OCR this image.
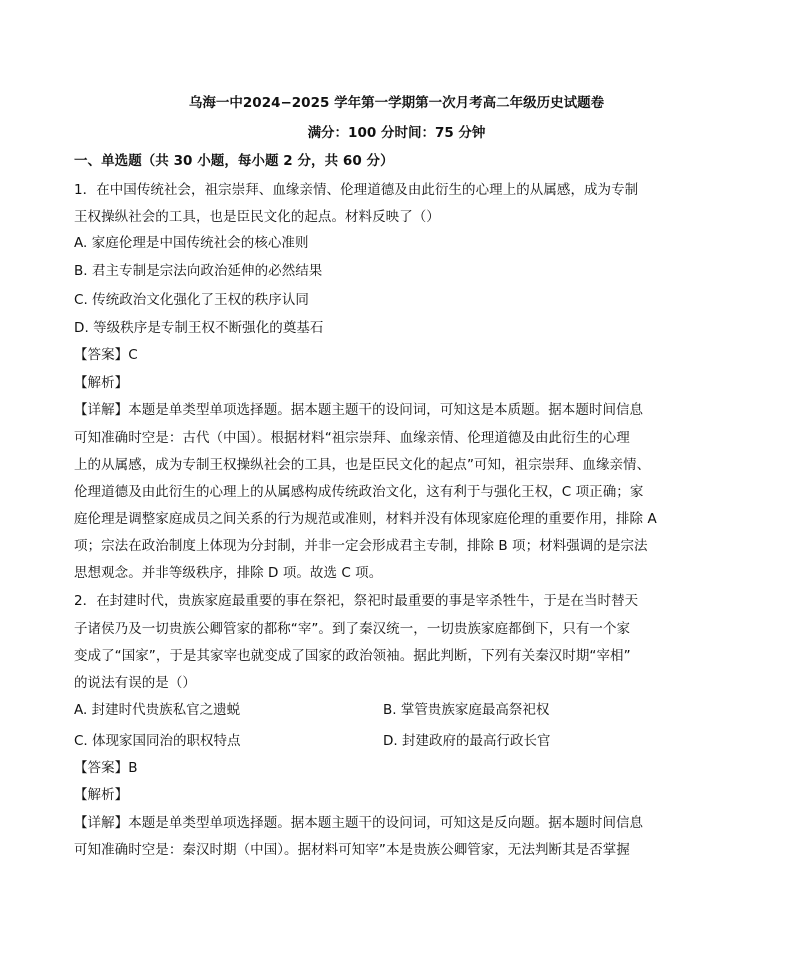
乌海一中2024−2025 学年第一学期第一次月考高二年级历史试题卷
满分：100 分时间：75 分钟
一、单选题（共 30 小题，每小题 2 分，共 60 分）
1．在中国传统社会，祖宗崇拜、血缘亲情、伦理道德及由此衍生的心理上的从属感，成为专制
王权操纵社会的工具，也是臣民文化的起点。材料反映了（）
A. 家庭伦理是中国传统社会的核心准则
B. 君主专制是宗法向政治延伸的必然结果
C. 传统政治文化强化了王权的秩序认同
D. 等级秩序是专制王权不断强化的奠基石
【答案】C
【解析】
【详解】本题是单类型单项选择题。据本题主题干的设问词，可知这是本质题。据本题时间信息
可知准确时空是：古代（中国）。根据材料“祖宗崇拜、血缘亲情、伦理道德及由此衍生的心理
上的从属感，成为专制王权操纵社会的工具，也是臣民文化的起点”可知，祖宗崇拜、血缘亲情、
伦理道德及由此衍生的心理上的从属感构成传统政治文化，这有利于与强化王权，C 项正确；家
庭伦理是调整家庭成员之间关系的行为规范或准则，材料并没有体现家庭伦理的重要作用，排除 A
项；宗法在政治制度上体现为分封制，并非一定会形成君主专制，排除 B 项；材料强调的是宗法
思想观念。并非等级秩序，排除 D 项。故选 C 项。
2．在封建时代，贵族家庭最重要的事在祭祀，祭祀时最重要的事是宰杀牲牛，于是在当时替天
子诸侯乃及一切贵族公卿管家的都称“宰”。到了秦汉统一，一切贵族家庭都倒下，只有一个家
变成了“国家”，于是其家宰也就变成了国家的政治领袖。据此判断，下列有关秦汉时期“宰相”
的说法有误的是（）
A. 封建时代贵族私官之遗蜕	B. 掌管贵族家庭最高祭祀权
C. 体现家国同治的职权特点	D. 封建政府的最高行政长官
【答案】B
【解析】
【详解】本题是单类型单项选择题。据本题主题干的设问词，可知这是反向题。据本题时间信息
可知准确时空是：秦汉时期（中国）。据材料可知宰”本是贵族公卿管家，无法判断其是否掌握
